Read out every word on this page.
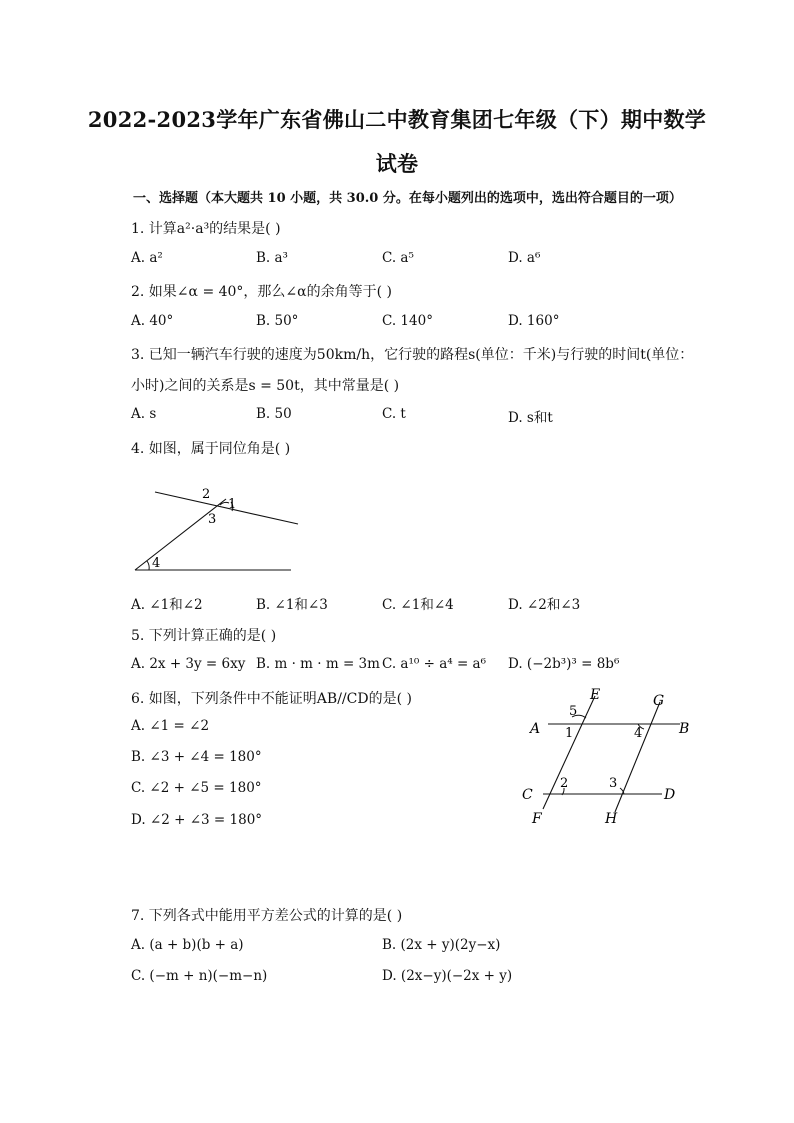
2022-2023学年广东省佛山二中教育集团七年级（下）期中数学
试卷
一、选择题（本大题共 10 小题，共 30.0 分。在每小题列出的选项中，选出符合题目的一项）
1. 计算a²·a³的结果是( )
A. a²	B. a³	C. a⁵	D. a⁶
2. 如果∠α = 40°，那么∠α的余角等于( )
A. 40°	B. 50°	C. 140°	D. 160°
3. 已知一辆汽车行驶的速度为50km/h，它行驶的路程s(单位：千米)与行驶的时间t(单位：
小时)之间的关系是s = 50t，其中常量是( )
A. s	B. 50	C. t	D. s和t
4. 如图，属于同位角是( )
2
1
3
4
A. ∠1和∠2	B. ∠1和∠3	C. ∠1和∠4	D. ∠2和∠3
5. 下列计算正确的是( )
A. 2x + 3y = 6xy B. m · m · m = 3m C. a¹⁰ ÷ a⁴ = a⁶ D. (−2b³)³ = 8b⁶
6. 如图，下列条件中不能证明AB//CD的是( )
A. ∠1 = ∠2
B. ∠3 + ∠4 = 180°
C. ∠2 + ∠5 = 180°
D. ∠2 + ∠3 = 180°
A	B
C	D
E
F
G
H
1
2	3
4
5
7. 下列各式中能用平方差公式的计算的是( )
A. (a + b)(b + a)	B. (2x + y)(2y−x)
C. (−m + n)(−m−n)	D. (2x−y)(−2x + y)
